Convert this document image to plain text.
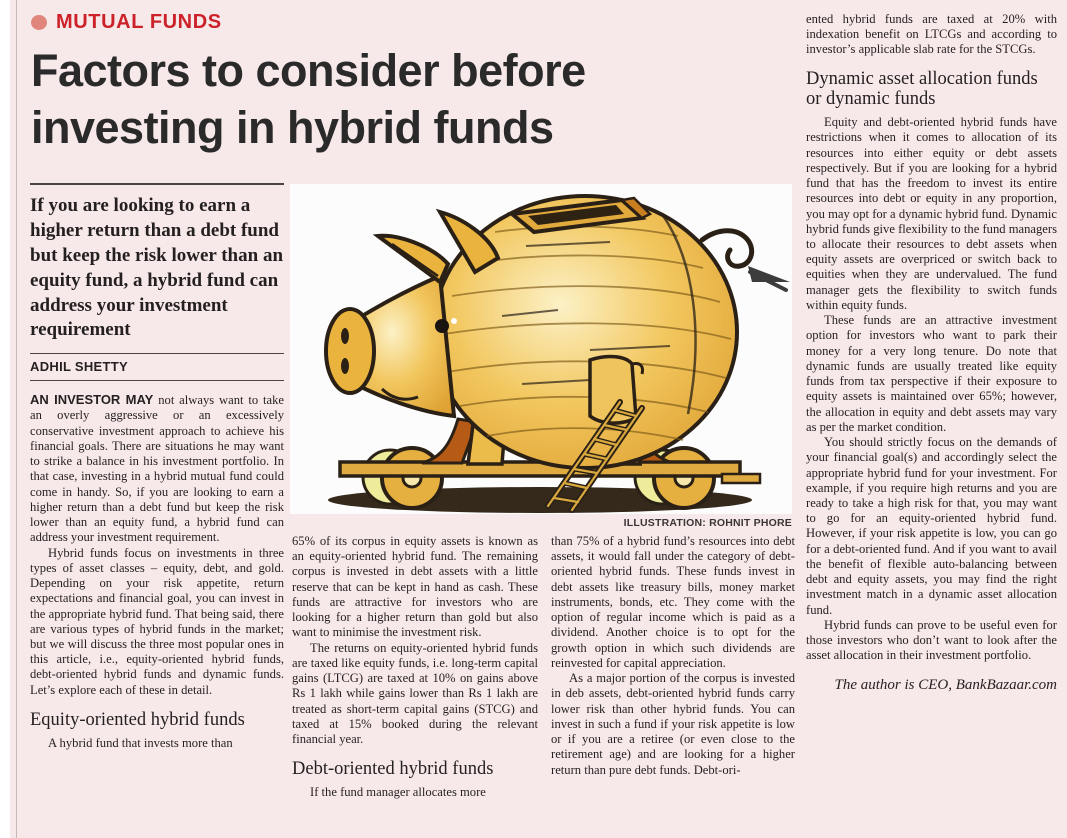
MUTUAL FUNDS
Factors to consider before
investing in hybrid funds
If you are looking to earn a higher return than a debt fund but keep the risk lower than an equity fund, a hybrid fund can address your investment requirement
ADHIL SHETTY

AN INVESTOR MAY not always want to take an overly aggressive or an excessively conservative investment approach to achieve his financial goals. There are situations he may want to strike a balance in his investment portfolio. In that case, investing in a hybrid mutual fund could come in handy. So, if you are looking to earn a higher return than a debt fund but keep the risk lower than an equity fund, a hybrid fund can address your investment requirement.

Hybrid funds focus on investments in three types of asset classes – equity, debt, and gold. Depending on your risk appetite, return expectations and financial goal, you can invest in the appropriate hybrid fund. That being said, there are various types of hybrid funds in the market; but we will discuss the three most popular ones in this article, i.e., equity-oriented hybrid funds, debt-oriented hybrid funds and dynamic funds. Let’s explore each of these in detail.

Equity-oriented hybrid funds

A hybrid fund that invests more than

ILLUSTRATION: ROHNIT PHORE

65% of its corpus in equity assets is known as an equity-oriented hybrid fund. The remaining corpus is invested in debt assets with a little reserve that can be kept in hand as cash. These funds are attractive for investors who are looking for a higher return than gold but also want to minimise the investment risk.

The returns on equity-oriented hybrid funds are taxed like equity funds, i.e. long-term capital gains (LTCG) are taxed at 10% on gains above Rs 1 lakh while gains lower than Rs 1 lakh are treated as short-term capital gains (STCG) and taxed at 15% booked during the relevant financial year.

Debt-oriented hybrid funds

If the fund manager allocates more

than 75% of a hybrid fund’s resources into debt assets, it would fall under the category of debt-oriented hybrid funds. These funds invest in debt assets like treasury bills, money market instruments, bonds, etc. They come with the option of regular income which is paid as a dividend. Another choice is to opt for the growth option in which such dividends are reinvested for capital appreciation.

As a major portion of the corpus is invested in deb assets, debt-oriented hybrid funds carry lower risk than other hybrid funds. You can invest in such a fund if your risk appetite is low or if you are a retiree (or even close to the retirement age) and are looking for a higher return than pure debt funds. Debt-ori-

ented hybrid funds are taxed at 20% with indexation benefit on LTCGs and according to investor’s applicable slab rate for the STCGs.

Dynamic asset allocation funds or dynamic funds

Equity and debt-oriented hybrid funds have restrictions when it comes to allocation of its resources into either equity or debt assets respectively. But if you are looking for a hybrid fund that has the freedom to invest its entire resources into debt or equity in any proportion, you may opt for a dynamic hybrid fund. Dynamic hybrid funds give flexibility to the fund managers to allocate their resources to debt assets when equity assets are overpriced or switch back to equities when they are undervalued. The fund manager gets the flexibility to switch funds within equity funds.

These funds are an attractive investment option for investors who want to park their money for a very long tenure. Do note that dynamic funds are usually treated like equity funds from tax perspective if their exposure to equity assets is maintained over 65%; however, the allocation in equity and debt assets may vary as per the market condition.

You should strictly focus on the demands of your financial goal(s) and accordingly select the appropriate hybrid fund for your investment. For example, if you require high returns and you are ready to take a high risk for that, you may want to go for an equity-oriented hybrid fund. However, if your risk appetite is low, you can go for a debt-oriented fund. And if you want to avail the benefit of flexible auto-balancing between debt and equity assets, you may find the right investment match in a dynamic asset allocation fund.

Hybrid funds can prove to be useful even for those investors who don’t want to look after the asset allocation in their investment portfolio.

The author is CEO, BankBazaar.com
